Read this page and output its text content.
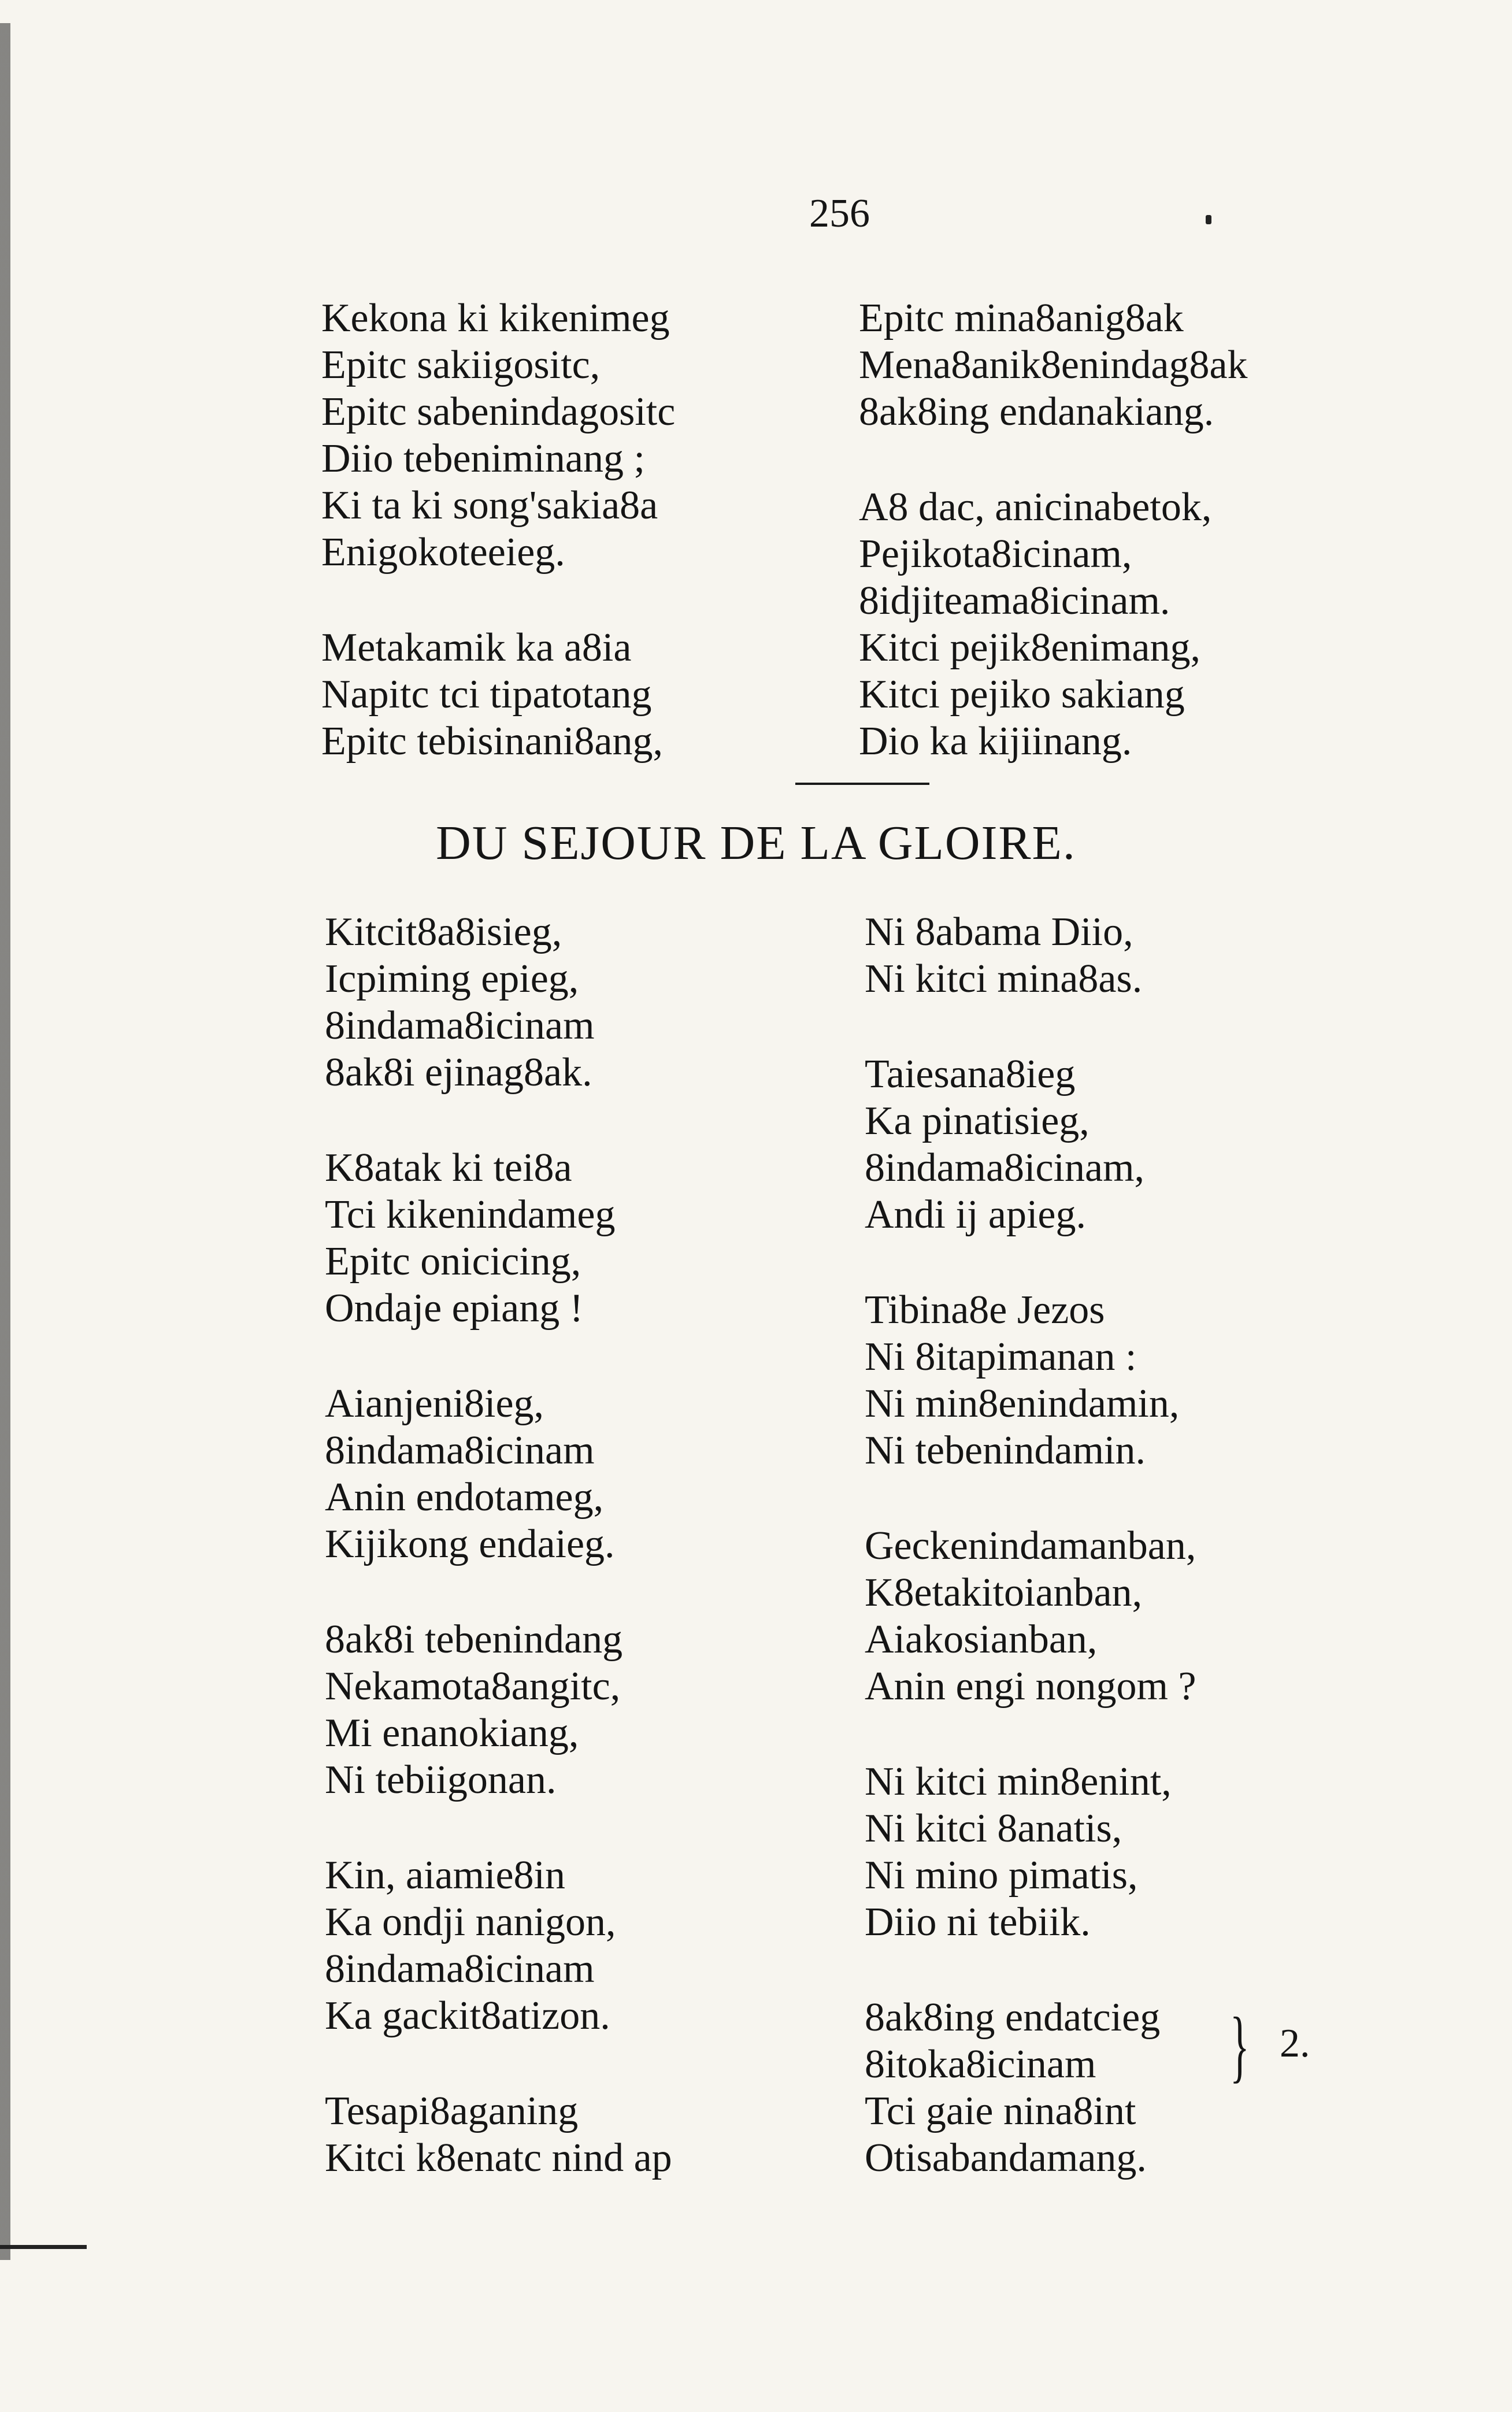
256
Kekona ki kikenimeg
Epitc sakiigositc,
Epitc sabenindagositc
Diio tebeniminang ;
Ki ta ki song'sakia8a
Enigokoteeieg.
Metakamik ka a8ia
Napitc tci tipatotang
Epitc tebisinani8ang,
Epitc mina8anig8ak
Mena8anik8enindag8ak
8ak8ing endanakiang.
A8 dac, anicinabetok,
Pejikota8icinam,
8idjiteama8icinam.
Kitci pejik8enimang,
Kitci pejiko sakiang
Dio ka kijiinang.
DU SEJOUR DE LA GLOIRE.
Kitcit8a8isieg,
Icpiming epieg,
8indama8icinam
8ak8i ejinag8ak.
K8atak ki tei8a
Tci kikenindameg
Epitc onicicing,
Ondaje epiang !
Aianjeni8ieg,
8indama8icinam
Anin endotameg,
Kijikong endaieg.
8ak8i tebenindang
Nekamota8angitc,
Mi enanokiang,
Ni tebiigonan.
Kin, aiamie8in
Ka ondji nanigon,
8indama8icinam
Ka gackit8atizon.
Tesapi8aganing
Kitci k8enatc nind ap
Ni 8abama Diio,
Ni kitci mina8as.
Taiesana8ieg
Ka pinatisieg,
8indama8icinam,
Andi ij apieg.
Tibina8e Jezos
Ni 8itapimanan :
Ni min8enindamin,
Ni tebenindamin.
Geckenindamanban,
K8etakitoianban,
Aiakosianban,
Anin engi nongom ?
Ni kitci min8enint,
Ni kitci 8anatis,
Ni mino pimatis,
Diio ni tebiik.
8ak8ing endatcieg
8itoka8icinam
Tci gaie nina8int
Otisabandamang.
} 2.
